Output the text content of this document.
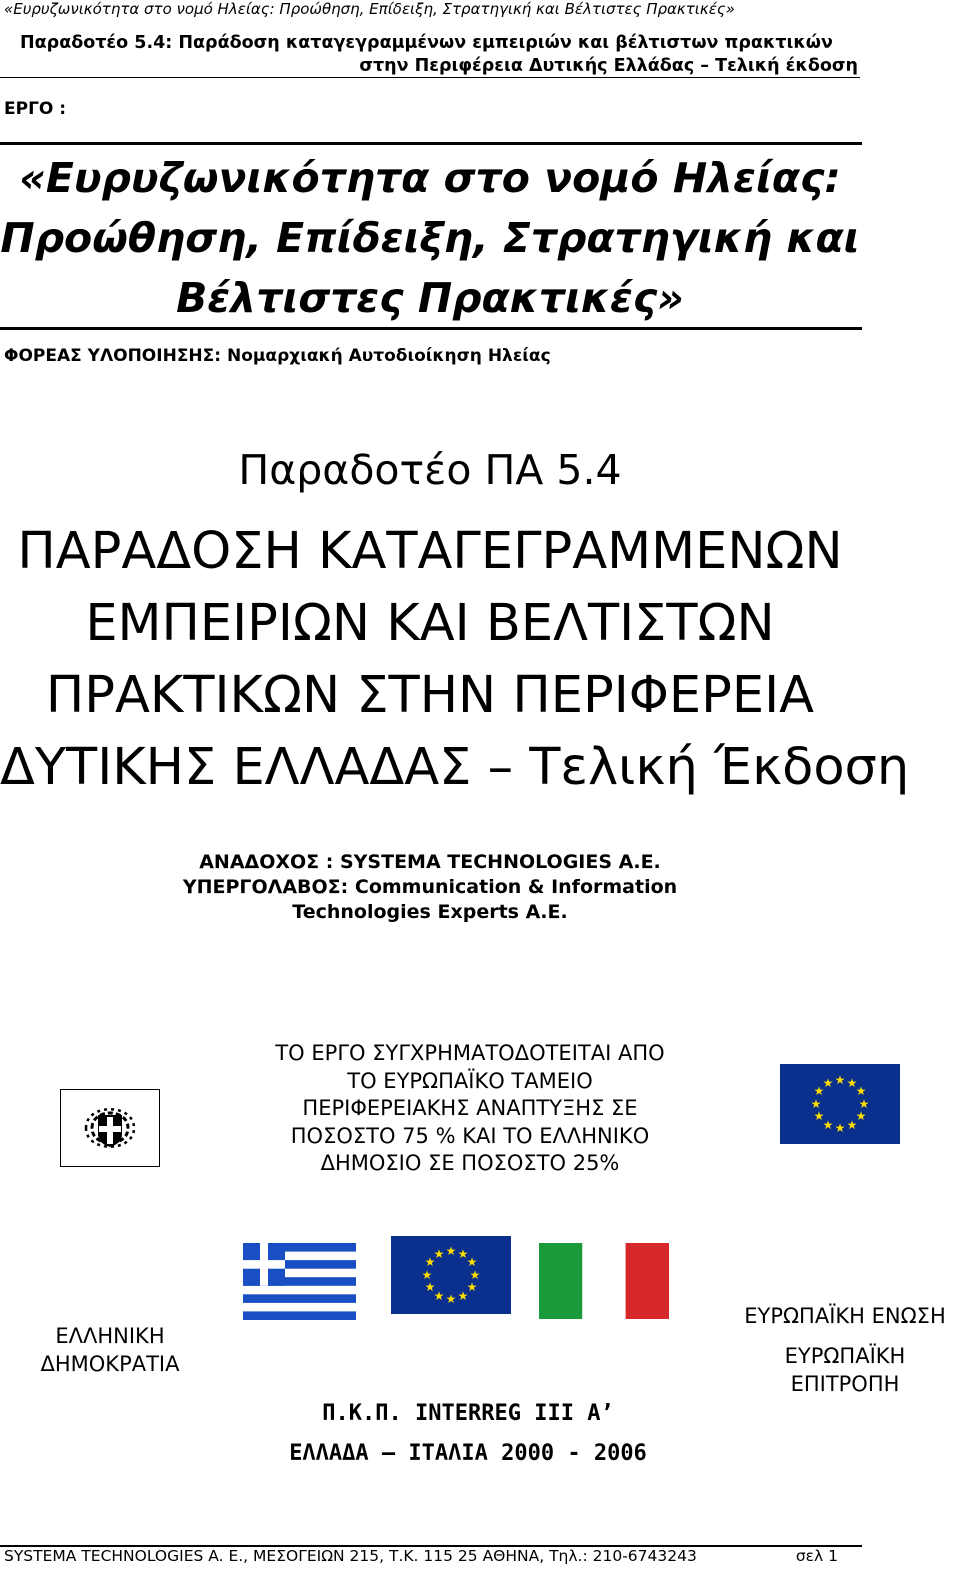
«Ευρυζωνικότητα στο νομό Ηλείας: Προώθηση, Επίδειξη, Στρατηγική και Βέλτιστες Πρακτικές»
Παραδοτέο 5.4: Παράδοση καταγεγραμμένων εμπειριών και βέλτιστων πρακτικών
στην Περιφέρεια Δυτικής Ελλάδας – Τελική έκδοση
ΕΡΓΟ :
«Ευρυζωνικότητα στο νομό Ηλείας:
Προώθηση, Επίδειξη, Στρατηγική και
Βέλτιστες Πρακτικές»
ΦΟΡΕΑΣ ΥΛΟΠΟΙΗΣΗΣ: Νομαρχιακή Αυτοδιοίκηση Ηλείας
Παραδοτέο ΠΑ 5.4
ΠΑΡΑΔΟΣΗ ΚΑΤΑΓΕΓΡΑΜΜΕΝΩΝ
ΕΜΠΕΙΡΙΩΝ ΚΑΙ ΒΕΛΤΙΣΤΩΝ
ΠΡΑΚΤΙΚΩΝ ΣΤΗΝ ΠΕΡΙΦΕΡΕΙΑ
ΔΥΤΙΚΗΣ ΕΛΛΑΔΑΣ – Τελική Έκδοση
ΑΝΑΔΟΧΟΣ : SYSTEMA TECHNOLOGIES Α.Ε.
ΥΠΕΡΓΟΛΑΒΟΣ: Communication & Information
Technologies Experts Α.Ε.
ΤΟ ΕΡΓΟ ΣΥΓΧΡΗΜΑΤΟΔΟΤΕΙΤΑΙ ΑΠΟ
ΤΟ ΕΥΡΩΠΑΪΚΟ ΤΑΜΕΙΟ
ΠΕΡΙΦΕΡΕΙΑΚΗΣ ΑΝΑΠΤΥΞΗΣ ΣΕ
ΠΟΣΟΣΤΟ 75 % ΚΑΙ ΤΟ ΕΛΛΗΝΙΚΟ
ΔΗΜΟΣΙΟ ΣΕ ΠΟΣΟΣΤΟ 25%
★ ★
★
★
★
★
★
★
★
★
★
★
★ ★
★
★
★
★
★
★
★
★
★
★
ΕΛΛΗΝΙΚΗ
ΔΗΜΟΚΡΑΤΙΑ
ΕΥΡΩΠΑΪΚΗ ΕΝΩΣΗ
ΕΥΡΩΠΑΪΚΗ
ΕΠΙΤΡΟΠΗ
Π.Κ.Π. INTERREG III A’
ΕΛΛΑΔΑ – ΙΤΑΛΙΑ 2000 - 2006
SYSTEMA TECHNOLOGIES A. E., ΜΕΣΟΓΕΙΩΝ 215, Τ.Κ. 115 25 ΑΘΗΝΑ, Τηλ.: 210-6743243	σελ 1
